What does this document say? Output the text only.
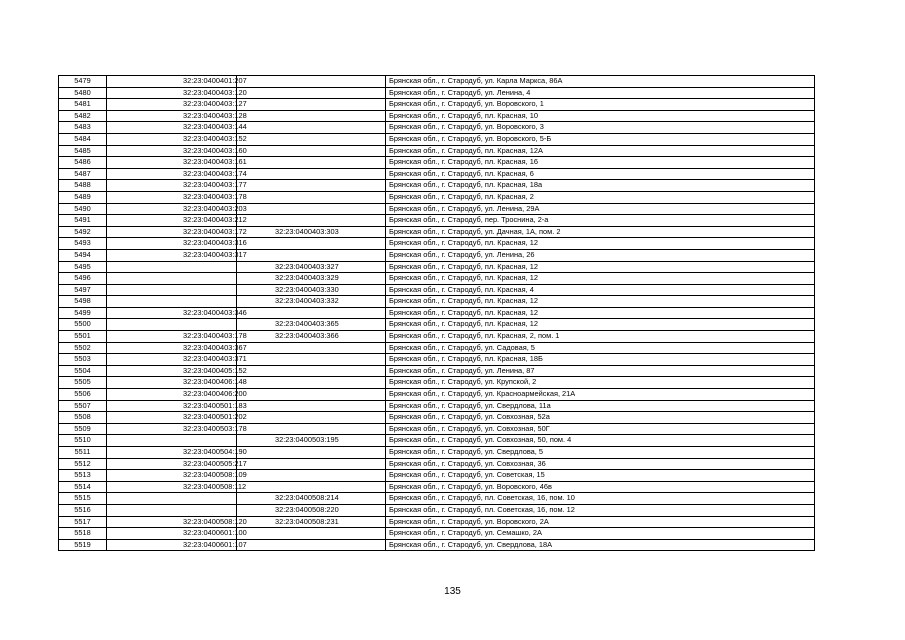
5479	32:23:0400401:207		Брянская обл., г. Стародуб, ул. Карла Маркса, 86А
5480	32:23:0400403:120		Брянская обл., г. Стародуб, ул. Ленина, 4
5481	32:23:0400403:127		Брянская обл., г. Стародуб, ул. Воровского, 1
5482	32:23:0400403:128		Брянская обл., г. Стародуб, пл. Красная, 10
5483	32:23:0400403:144		Брянская обл., г. Стародуб, ул. Воровского, 3
5484	32:23:0400403:152		Брянская обл., г. Стародуб, ул. Воровского, 5-Б
5485	32:23:0400403:160		Брянская обл., г. Стародуб, пл. Красная, 12А
5486	32:23:0400403:161		Брянская обл., г. Стародуб, пл. Красная, 16
5487	32:23:0400403:174		Брянская обл., г. Стародуб, пл. Красная, 6
5488	32:23:0400403:177		Брянская обл., г. Стародуб, пл. Красная, 18а
5489	32:23:0400403:178		Брянская обл., г. Стародуб, пл. Красная, 2
5490	32:23:0400403:203		Брянская обл., г. Стародуб, ул. Ленина, 29А
5491	32:23:0400403:212		Брянская обл., г. Стародуб, пер. Троснина, 2-а
5492	32:23:0400403:172	32:23:0400403:303	Брянская обл., г. Стародуб, ул. Дачная, 1А, пом. 2
5493	32:23:0400403:316		Брянская обл., г. Стародуб, пл. Красная, 12
5494	32:23:0400403:317		Брянская обл., г. Стародуб, ул. Ленина, 26
5495		32:23:0400403:327	Брянская обл., г. Стародуб, пл. Красная, 12
5496		32:23:0400403:329	Брянская обл., г. Стародуб, пл. Красная, 12
5497		32:23:0400403:330	Брянская обл., г. Стародуб, пл. Красная, 4
5498		32:23:0400403:332	Брянская обл., г. Стародуб, пл. Красная, 12
5499	32:23:0400403:346		Брянская обл., г. Стародуб, пл. Красная, 12
5500		32:23:0400403:365	Брянская обл., г. Стародуб, пл. Красная, 12
5501	32:23:0400403:178	32:23:0400403:366	Брянская обл., г. Стародуб, пл. Красная, 2, пом. 1
5502	32:23:0400403:367		Брянская обл., г. Стародуб, ул. Садовая, 5
5503	32:23:0400403:371		Брянская обл., г. Стародуб, пл. Красная, 18Б
5504	32:23:0400405:152		Брянская обл., г. Стародуб, ул. Ленина, 87
5505	32:23:0400406:148		Брянская обл., г. Стародуб, ул. Крупской, 2
5506	32:23:0400406:200		Брянская обл., г. Стародуб, ул. Красноармейская, 21А
5507	32:23:0400501:183		Брянская обл., г. Стародуб, ул. Свердлова, 11а
5508	32:23:0400501:202		Брянская обл., г. Стародуб, ул. Совхозная, 52а
5509	32:23:0400503:178		Брянская обл., г. Стародуб, ул. Совхозная, 50Г
5510		32:23:0400503:195	Брянская обл., г. Стародуб, ул. Совхозная, 50, пом. 4
5511	32:23:0400504:190		Брянская обл., г. Стародуб, ул. Свердлова, 5
5512	32:23:0400505:217		Брянская обл., г. Стародуб, ул. Совхозная, 36
5513	32:23:0400508:109		Брянская обл., г. Стародуб, ул. Советская, 15
5514	32:23:0400508:112		Брянская обл., г. Стародуб, ул. Воровского, 46в
5515		32:23:0400508:214	Брянская обл., г. Стародуб, пл. Советская, 16, пом. 10
5516		32:23:0400508:220	Брянская обл., г. Стародуб, пл. Советская, 16, пом. 12
5517	32:23:0400508:120	32:23:0400508:231	Брянская обл., г. Стародуб, ул. Воровского, 2А
5518	32:23:0400601:100		Брянская обл., г. Стародуб, ул. Семашко, 2А
5519	32:23:0400601:107		Брянская обл., г. Стародуб, ул. Свердлова, 18А
135
